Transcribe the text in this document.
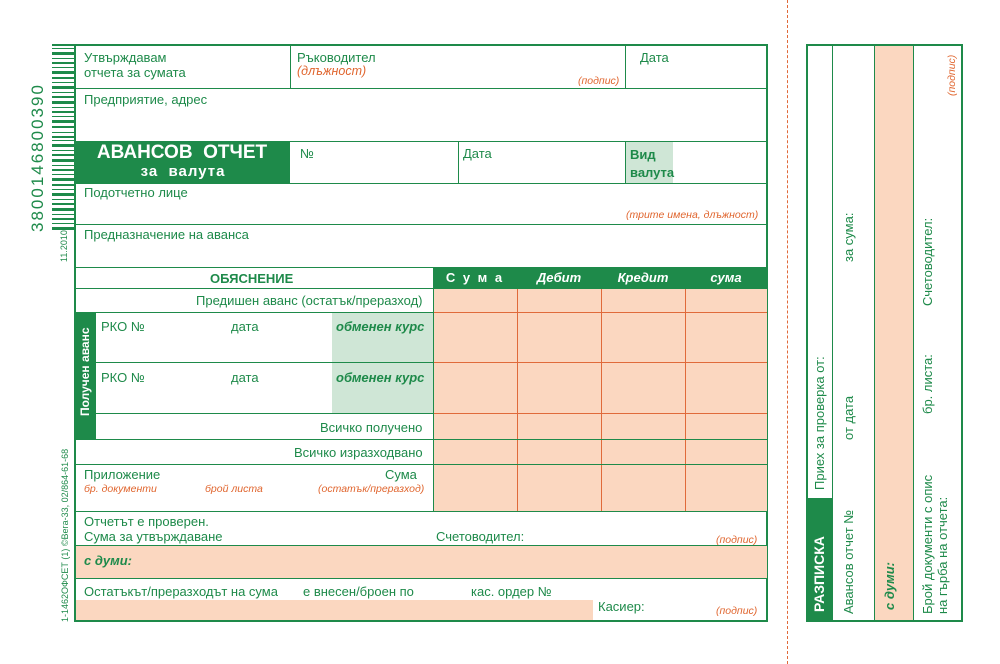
3800146800390
11.2010
1-1462ОФСЕТ (1) ©Вега-33, 02/864-61-68
Утвърждавам
отчета за сумата
Ръководител
(длъжност)
(подпис)
Дата
Предприятие, адрес
АВАНСОВ  ОТЧЕТ
за  валута
№	Дата	Вид
валута
Подотчетно лице
(трите имена, длъжност)
Предназначение на аванса
ОБЯСНЕНИЕ	С у м а	Дебит	Кредит	сума
Предишен аванс (остатък/преразход)
Получен аванс
РКО №	дата	обменен курс
РКО №	дата	обменен курс
Всичко получено
Всичко изразходвано
Приложение
бр. документи	брой листа
Сума
(остатък/преразход)
Отчетът е проверен.
Сума за утвърждаване	Счетоводител:	(подпис)
с думи:
Остатъкът/преразходът на сума е внесен/броен по	кас. ордер №
Касиер:	(подпис)	РАЗПИСКА
Приех за проверка от:
за сума:
от дата
Авансов отчет № с думи:
Счетоводител:
бр. листа:
Брой документи с опис
на гърба на отчета:
(подпис)
